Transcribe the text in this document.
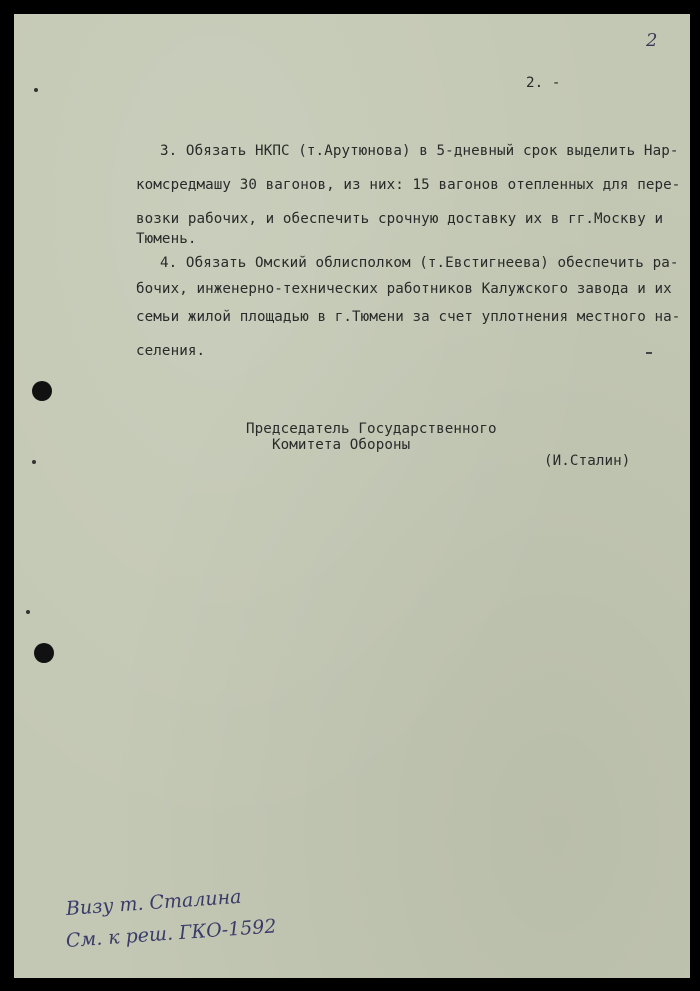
2
2. -
3. Обязать НКПС (т.Арутюнова) в 5-дневный срок выделить Нар-
комсредмашу 30 вагонов, из них: 15 вагонов отепленных для пере-
возки рабочих, и обеспечить срочную доставку их в гг.Москву и
Тюмень.
4. Обязать Омский облисполком (т.Евстигнеева) обеспечить ра-
бочих, инженерно-технических работников Калужского завода и их
семьи жилой площадью в г.Тюмени за счет уплотнения местного на-
селения.
Председатель Государственного
Комитета Обороны
(И.Сталин)
Визу т. Сталина
См. к реш. ГКО-1592
